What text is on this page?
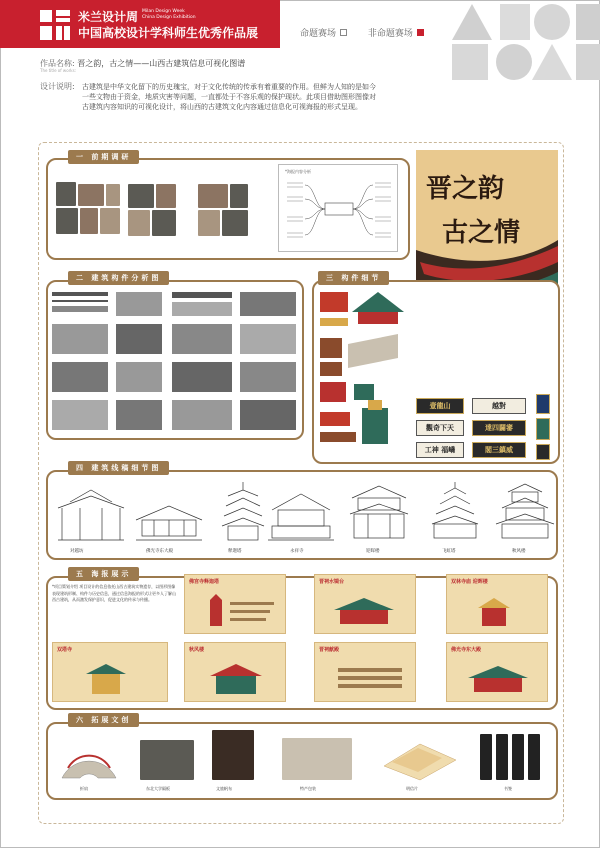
米兰设计周 Milan Design Week
China Design Exhibition
中国高校设计学科师生优秀作品展	命题赛场
	非命题赛场
作品名称: 晋之韵，古之情——山西古建筑信息可视化图谱
The title of works:
设计说明: 古建筑是中华文化留下的历史瑰宝，对于文化传统的传承有着重要的作用。但鲜为人知的是如今一些文物由于资金，地质灾害等问题，一直都处于不容乐观的保护现状。此项目借助图形图像对古建筑内容知识的可视化设计，将山西的古建筑文化内容通过信息化可视海报的形式呈现。
一 前期调研
*海报内容分析
晋之韵
古之情
二 建筑构件分析图	三 构件细节
壹龍山	越對
觀奇下天	達四闢審
工神 福嶠	閣三鎮威
四 建筑线稿细节图
对越坊	佛光寺东大殿	释迦塔	永祥寺	迎晖楼	飞虹塔	秋风楼
五 海报展示
*项目策划介绍 项目设计的信息依托山西古建筑实物遗存，以图形图像表现建筑形制、构件与历史信息，通过信息海报的形式让更多人了解山西古建筑，从而激发保护意识，促进文化的传承与传播。
佛宫寺释迦塔	晋祠水镜台	双林寺庙 迎晖楼
双塔寺	秋风楼	晋祠献殿	佛光寺东大殿
六 拓展文创
折扇	东北大学隔板	文旅帆布	特产包装	明信片	书签
